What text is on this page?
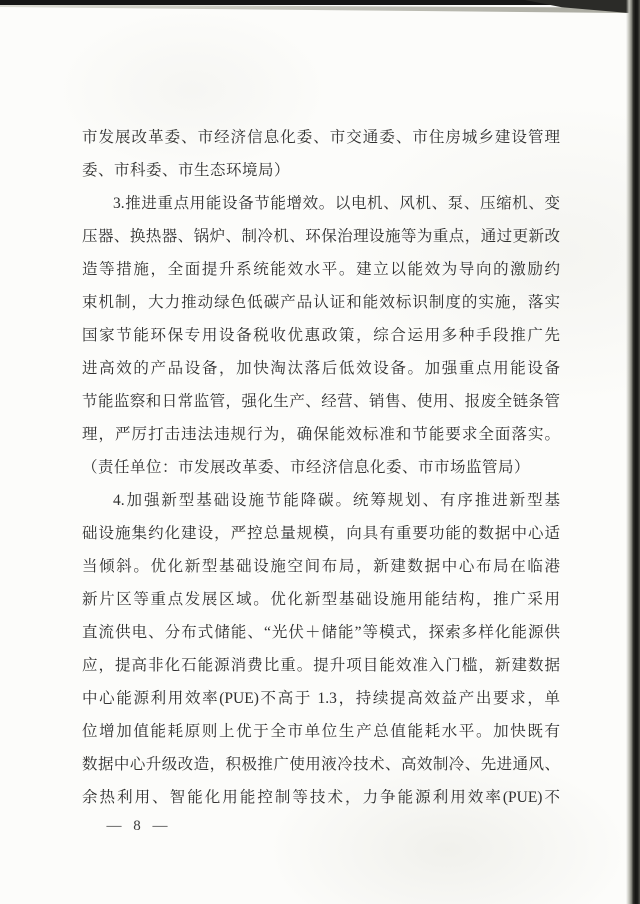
市发展改革委、市经济信息化委、市交通委、市住房城乡建设管理
委、市科委、市生态环境局）
3.推进重点用能设备节能增效。以电机、风机、泵、压缩机、变
压器、换热器、锅炉、制冷机、环保治理设施等为重点，通过更新改
造等措施，全面提升系统能效水平。建立以能效为导向的激励约
束机制，大力推动绿色低碳产品认证和能效标识制度的实施，落实
国家节能环保专用设备税收优惠政策，综合运用多种手段推广先
进高效的产品设备，加快淘汰落后低效设备。加强重点用能设备
节能监察和日常监管，强化生产、经营、销售、使用、报废全链条管
理，严厉打击违法违规行为，确保能效标准和节能要求全面落实。
（责任单位：市发展改革委、市经济信息化委、市市场监管局）
4.加强新型基础设施节能降碳。统筹规划、有序推进新型基
础设施集约化建设，严控总量规模，向具有重要功能的数据中心适
当倾斜。优化新型基础设施空间布局，新建数据中心布局在临港
新片区等重点发展区域。优化新型基础设施用能结构，推广采用
直流供电、分布式储能、“光伏＋储能”等模式，探索多样化能源供
应，提高非化石能源消费比重。提升项目能效准入门槛，新建数据
中心能源利用效率(PUE)不高于 1.3，持续提高效益产出要求，单
位增加值能耗原则上优于全市单位生产总值能耗水平。加快既有
数据中心升级改造，积极推广使用液冷技术、高效制冷、先进通风、
余热利用、智能化用能控制等技术，力争能源利用效率(PUE)不
— 8 —
